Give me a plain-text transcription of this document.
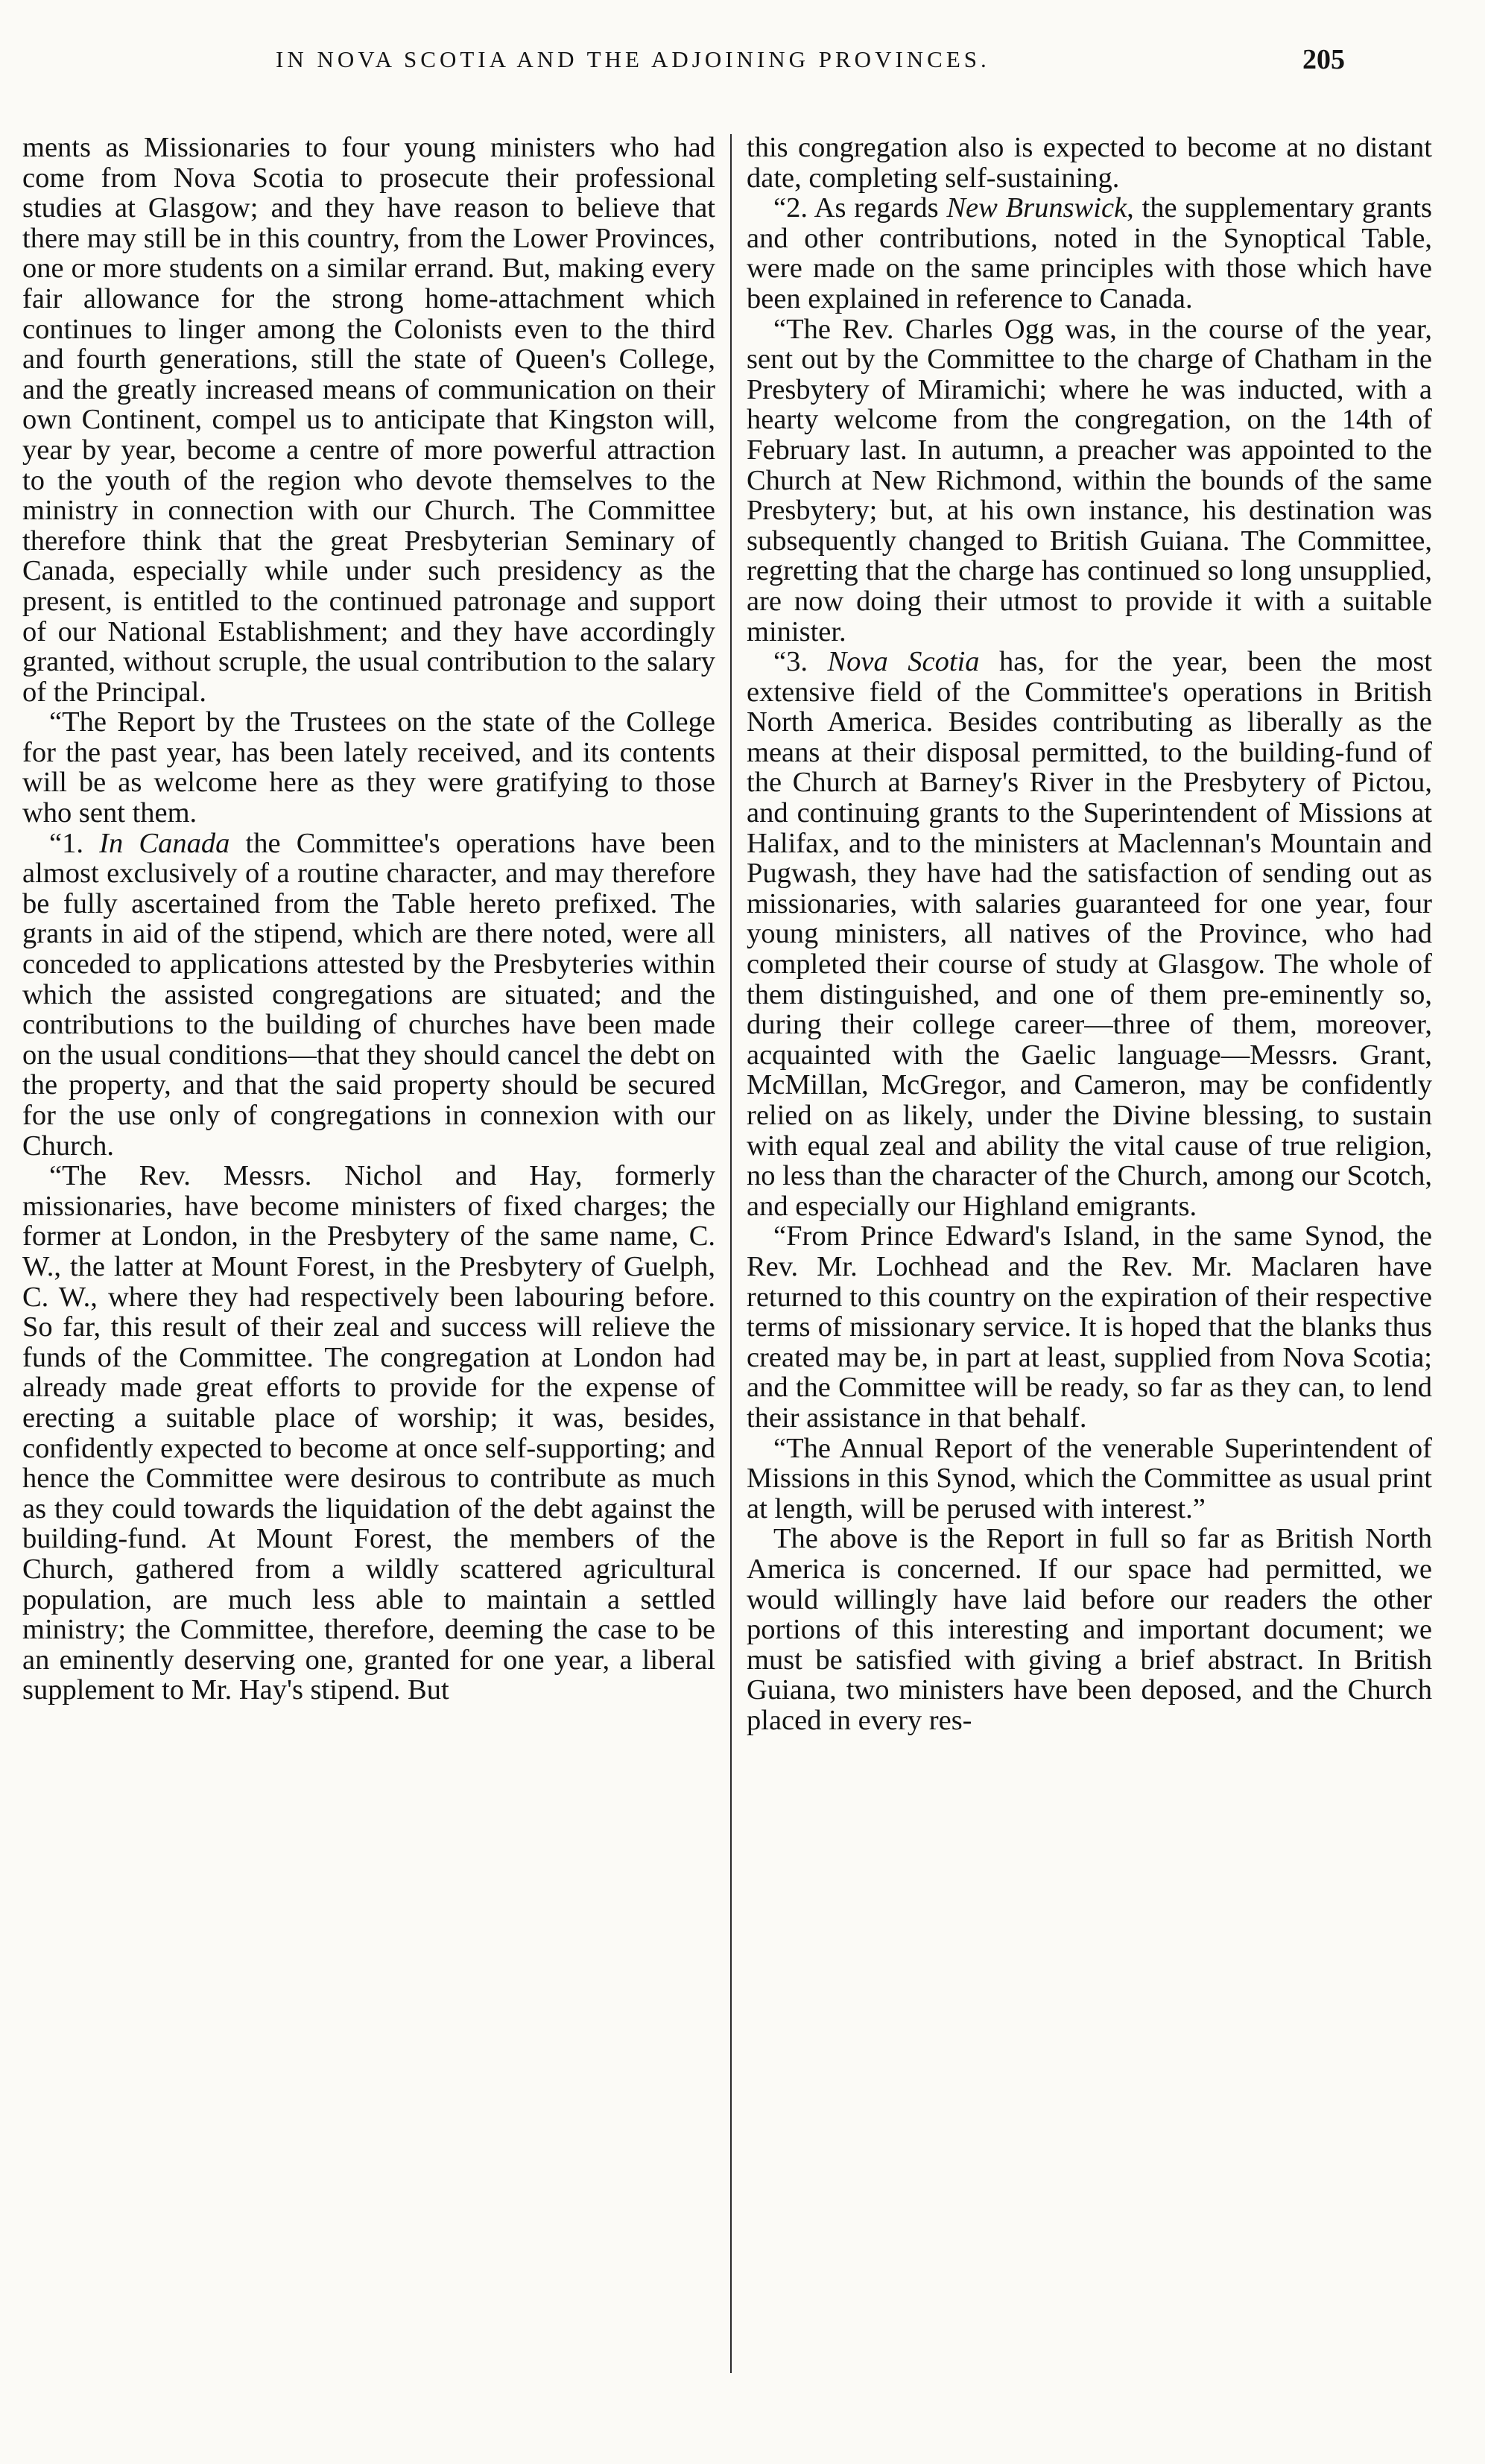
IN NOVA SCOTIA AND THE ADJOINING PROVINCES.	205

ments as Missionaries to four young ministers who had come from Nova Scotia to prosecute their professional studies at Glasgow; and they have reason to believe that there may still be in this country, from the Lower Provinces, one or more students on a similar errand. But, making every fair allowance for the strong home-attachment which continues to linger among the Colonists even to the third and fourth generations, still the state of Queen's College, and the greatly increased means of communication on their own Continent, compel us to anticipate that Kingston will, year by year, become a centre of more powerful attraction to the youth of the region who devote themselves to the ministry in connection with our Church. The Committee therefore think that the great Presbyterian Seminary of Canada, especially while under such presidency as the present, is entitled to the continued patronage and support of our National Establishment; and they have accordingly granted, without scruple, the usual contribution to the salary of the Principal.

“The Report by the Trustees on the state of the College for the past year, has been lately received, and its contents will be as welcome here as they were gratifying to those who sent them.

“1. In Canada the Committee's operations have been almost exclusively of a routine character, and may therefore be fully ascertained from the Table hereto prefixed. The grants in aid of the stipend, which are there noted, were all conceded to applications attested by the Presbyteries within which the assisted congregations are situated; and the contributions to the building of churches have been made on the usual conditions—that they should cancel the debt on the property, and that the said property should be secured for the use only of congregations in connexion with our Church.

“The Rev. Messrs. Nichol and Hay, formerly missionaries, have become ministers of fixed charges; the former at London, in the Presbytery of the same name, C. W., the latter at Mount Forest, in the Presbytery of Guelph, C. W., where they had respectively been labouring before. So far, this result of their zeal and success will relieve the funds of the Committee. The congregation at London had already made great efforts to provide for the expense of erecting a suitable place of worship; it was, besides, confidently expected to become at once self-supporting; and hence the Committee were desirous to contribute as much as they could towards the liquidation of the debt against the building-fund. At Mount Forest, the members of the Church, gathered from a wildly scattered agricultural population, are much less able to maintain a settled ministry; the Committee, therefore, deeming the case to be an eminently deserving one, granted for one year, a liberal supplement to Mr. Hay's stipend. But

this congregation also is expected to become at no distant date, completing self-sustaining.

“2. As regards New Brunswick, the supplementary grants and other contributions, noted in the Synoptical Table, were made on the same principles with those which have been explained in reference to Canada.

“The Rev. Charles Ogg was, in the course of the year, sent out by the Committee to the charge of Chatham in the Presbytery of Miramichi; where he was inducted, with a hearty welcome from the congregation, on the 14th of February last. In autumn, a preacher was appointed to the Church at New Richmond, within the bounds of the same Presbytery; but, at his own instance, his destination was subsequently changed to British Guiana. The Committee, regretting that the charge has continued so long unsupplied, are now doing their utmost to provide it with a suitable minister.

“3. Nova Scotia has, for the year, been the most extensive field of the Committee's operations in British North America. Besides contributing as liberally as the means at their disposal permitted, to the building-fund of the Church at Barney's River in the Presbytery of Pictou, and continuing grants to the Superintendent of Missions at Halifax, and to the ministers at Maclennan's Mountain and Pugwash, they have had the satisfaction of sending out as missionaries, with salaries guaranteed for one year, four young ministers, all natives of the Province, who had completed their course of study at Glasgow. The whole of them distinguished, and one of them pre-eminently so, during their college career—three of them, moreover, acquainted with the Gaelic language—Messrs. Grant, McMillan, McGregor, and Cameron, may be confidently relied on as likely, under the Divine blessing, to sustain with equal zeal and ability the vital cause of true religion, no less than the character of the Church, among our Scotch, and especially our Highland emigrants.

“From Prince Edward's Island, in the same Synod, the Rev. Mr. Lochhead and the Rev. Mr. Maclaren have returned to this country on the expiration of their respective terms of missionary service. It is hoped that the blanks thus created may be, in part at least, supplied from Nova Scotia; and the Committee will be ready, so far as they can, to lend their assistance in that behalf.

“The Annual Report of the venerable Superintendent of Missions in this Synod, which the Committee as usual print at length, will be perused with interest.”

The above is the Report in full so far as British North America is concerned. If our space had permitted, we would willingly have laid before our readers the other portions of this interesting and important document; we must be satisfied with giving a brief abstract. In British Guiana, two ministers have been deposed, and the Church placed in every res-
